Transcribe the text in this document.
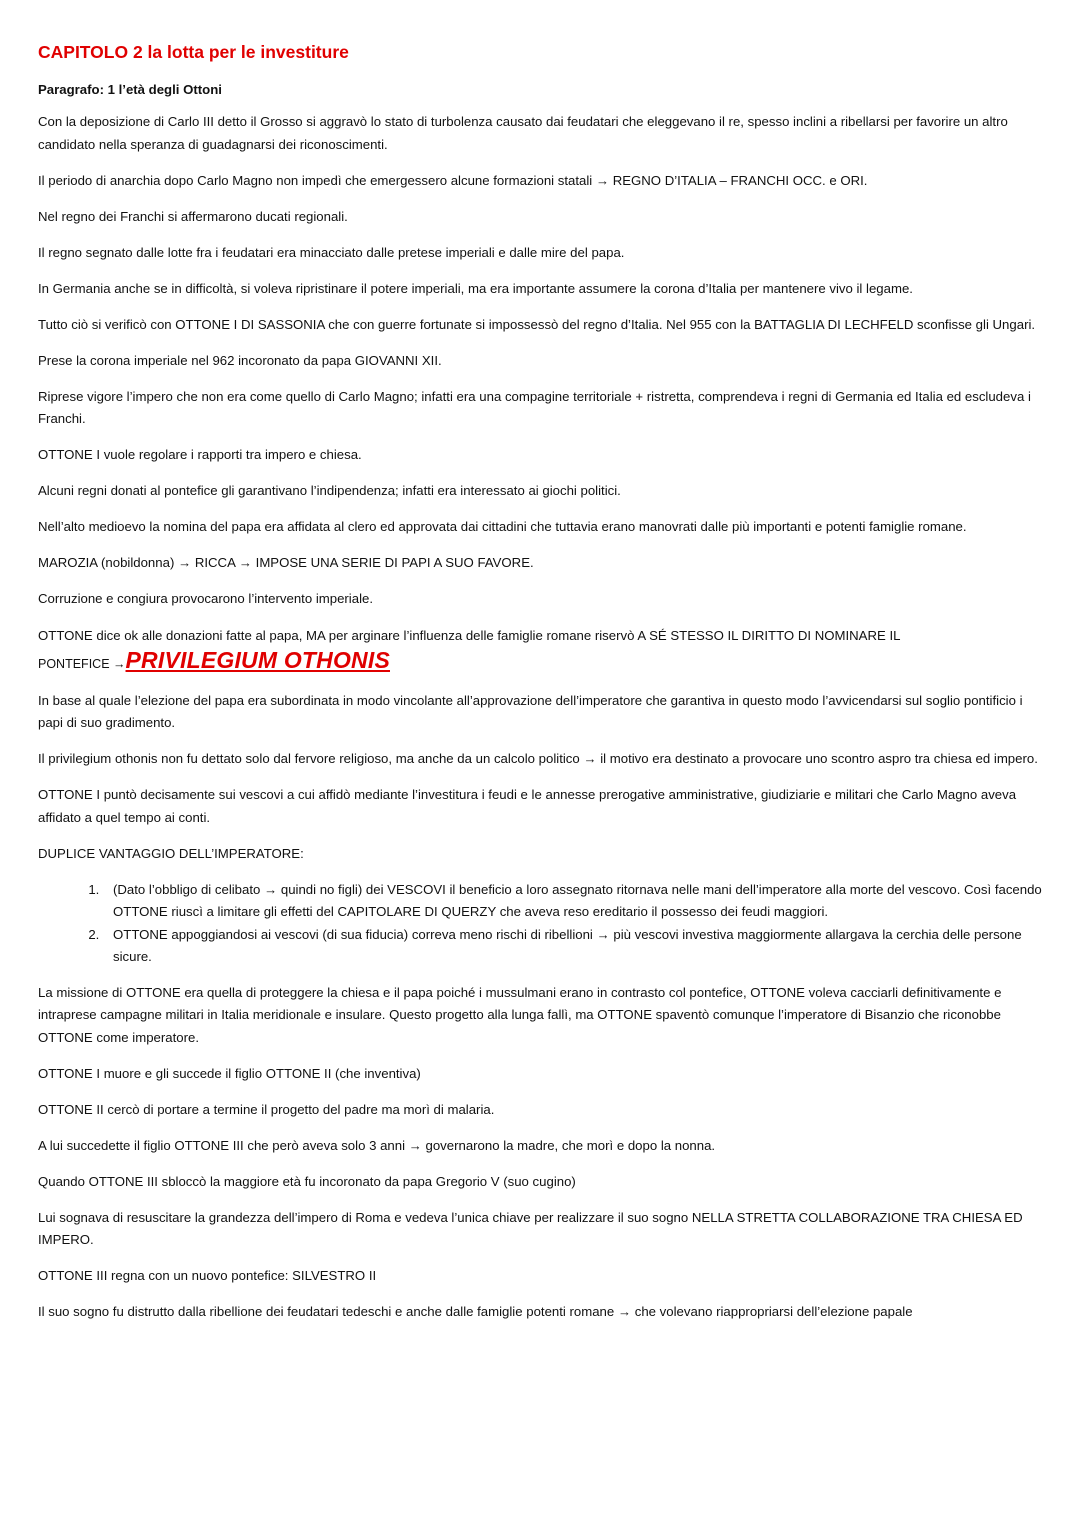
CAPITOLO 2 la lotta per le investiture
Paragrafo: 1 l’età degli Ottoni

Con la deposizione di Carlo III detto il Grosso si aggravò lo stato di turbolenza causato dai feudatari che eleggevano il re, spesso inclini a ribellarsi per favorire un altro candidato nella speranza di guadagnarsi dei riconoscimenti.

Il periodo di anarchia dopo Carlo Magno non impedì che emergessero alcune formazioni statali → REGNO D’ITALIA – FRANCHI OCC. e ORI.

Nel regno dei Franchi si affermarono ducati regionali.

Il regno segnato dalle lotte fra i feudatari era minacciato dalle pretese imperiali e dalle mire del papa.

In Germania anche se in difficoltà, si voleva ripristinare il potere imperiali, ma era importante assumere la corona d’Italia per mantenere vivo il legame.

Tutto ciò si verificò con OTTONE I DI SASSONIA che con guerre fortunate si impossessò del regno d’Italia. Nel 955 con la BATTAGLIA DI LECHFELD sconfisse gli Ungari.

Prese la corona imperiale nel 962 incoronato da papa GIOVANNI XII.

Riprese vigore l’impero che non era come quello di Carlo Magno; infatti era una compagine territoriale + ristretta, comprendeva i regni di Germania ed Italia ed escludeva i Franchi.

OTTONE I vuole regolare i rapporti tra impero e chiesa.

Alcuni regni donati al pontefice gli garantivano l’indipendenza; infatti era interessato ai giochi politici.

Nell’alto medioevo la nomina del papa era affidata al clero ed approvata dai cittadini che tuttavia erano manovrati dalle più importanti e potenti famiglie romane.

MAROZIA (nobildonna) → RICCA → IMPOSE UNA SERIE DI PAPI A SUO FAVORE.

Corruzione e congiura provocarono l’intervento imperiale.

OTTONE dice ok alle donazioni fatte al papa, MA per arginare l’influenza delle famiglie romane riservò A SÉ STESSO IL DIRITTO DI NOMINARE IL
PONTEFICE →PRIVILEGIUM OTHONIS

In base al quale l’elezione del papa era subordinata in modo vincolante all’approvazione dell’imperatore che garantiva in questo modo l’avvicendarsi sul soglio pontificio i papi di suo gradimento.

Il privilegium othonis non fu dettato solo dal fervore religioso, ma anche da un calcolo politico → il motivo era destinato a provocare uno scontro aspro tra chiesa ed impero.

OTTONE I puntò decisamente sui vescovi a cui affidò mediante l’investitura i feudi e le annesse prerogative amministrative, giudiziarie e militari che Carlo Magno aveva affidato a quel tempo ai conti.

DUPLICE VANTAGGIO DELL’IMPERATORE:

1. (Dato l’obbligo di celibato → quindi no figli) dei VESCOVI il beneficio a loro assegnato ritornava nelle mani dell’imperatore alla morte del vescovo. Così facendo OTTONE riuscì a limitare gli effetti del CAPITOLARE DI QUERZY che aveva reso ereditario il possesso dei feudi maggiori.
2. OTTONE appoggiandosi ai vescovi (di sua fiducia) correva meno rischi di ribellioni → più vescovi investiva maggiormente allargava la cerchia delle persone sicure.

La missione di OTTONE era quella di proteggere la chiesa e il papa poiché i mussulmani erano in contrasto col pontefice, OTTONE voleva cacciarli definitivamente e intraprese campagne militari in Italia meridionale e insulare. Questo progetto alla lunga fallì, ma OTTONE spaventò comunque l’imperatore di Bisanzio che riconobbe OTTONE come imperatore.

OTTONE I muore e gli succede il figlio OTTONE II (che inventiva)

OTTONE II cercò di portare a termine il progetto del padre ma morì di malaria.

A lui succedette il figlio OTTONE III che però aveva solo 3 anni → governarono la madre, che morì e dopo la nonna.

Quando OTTONE III sbloccò la maggiore età fu incoronato da papa Gregorio V (suo cugino)

Lui sognava di resuscitare la grandezza dell’impero di Roma e vedeva l’unica chiave per realizzare il suo sogno NELLA STRETTA COLLABORAZIONE TRA CHIESA ED IMPERO.

OTTONE III regna con un nuovo pontefice: SILVESTRO II

Il suo sogno fu distrutto dalla ribellione dei feudatari tedeschi e anche dalle famiglie potenti romane → che volevano riappropriarsi dell’elezione papale
